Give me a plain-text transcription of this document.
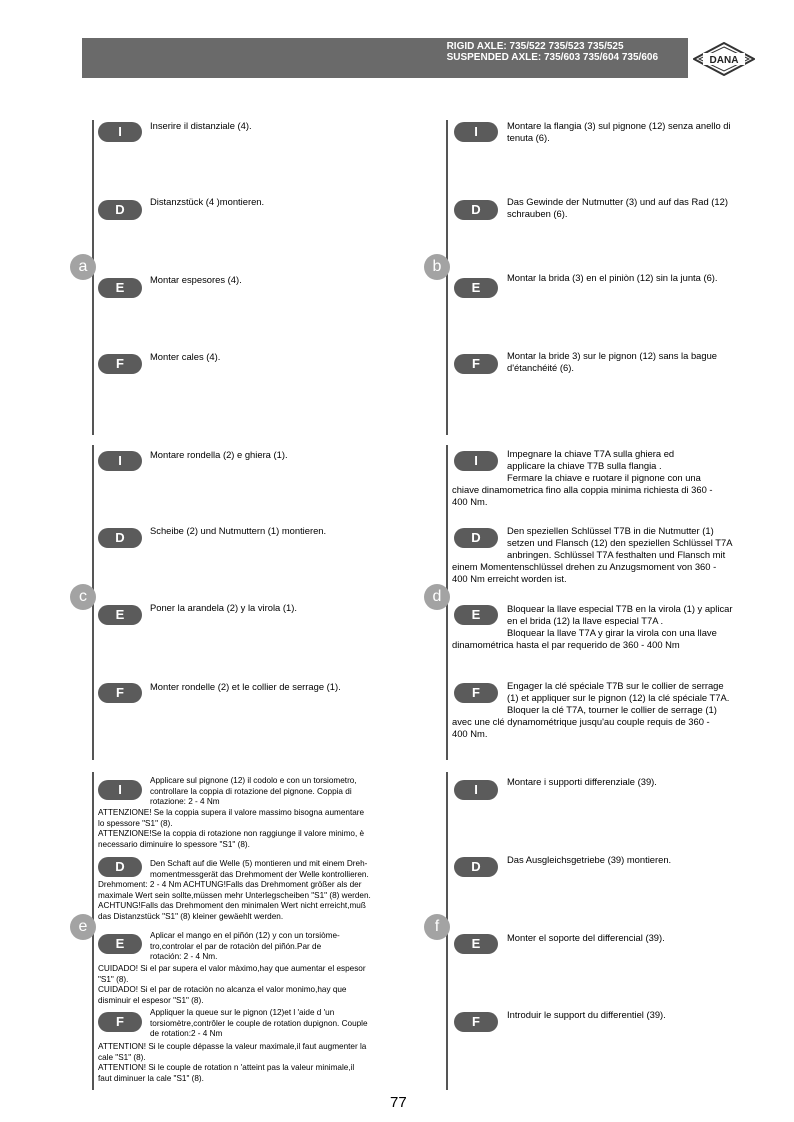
RIGID AXLE: 735/522 735/523 735/525
SUSPENDED AXLE: 735/603 735/604 735/606	DANA
a	b
c	d
e	f
I	Inserire il distanziale (4).
D
Distanzstück (4 )montieren.
E
Montar espesores (4).
F	Monter cales (4).
I	Montare la flangia (3) sul pignone (12) senza anello di
tenuta (6).
D
Das Gewinde der Nutmutter (3) und auf das Rad (12)
schrauben (6).
E
Montar la brida (3) en el piniòn (12) sin la junta (6).
F
Montar la bride 3) sur le pignon (12) sans la bague
d'étanchéité (6).
I	Montare rondella (2) e ghiera (1).
D	Scheibe (2) und Nutmuttern (1) montieren.
E	Poner la arandela (2) y la virola (1).
F	Monter rondelle (2) et le collier de serrage (1).
I	Impegnare la chiave T7A sulla ghiera ed
applicare la chiave T7B sulla flangia .
Fermare la chiave e ruotare il pignone con una
chiave dinamometrica fino alla coppia minima richiesta di 360 -
400 Nm.
D	Den speziellen Schlüssel T7B in die Nutmutter (1)
setzen und Flansch (12) den speziellen Schlüssel T7A
anbringen. Schlüssel T7A festhalten und Flansch mit
einem Momentenschlüssel drehen zu Anzugsmoment von 360 -
400 Nm erreicht worden ist.
E	Bloquear la llave especial T7B en la virola (1) y aplicar
en el brida (12) la llave especial T7A .
Bloquear la llave T7A y girar la virola con una llave
dinamométrica hasta el par requerido de 360 - 400 Nm
F	Engager la clé spéciale T7B sur le collier de serrage
(1) et appliquer sur le pignon (12) la clé spéciale T7A.
Bloquer la clé T7A, tourner le collier de serrage (1)
avec une clé dynamométrique jusqu'au couple requis de 360 -
400 Nm.
I
Applicare sul pignone (12) il codolo e con un torsiometro,
controllare la coppia di rotazione del pignone. Coppia di
rotazione: 2 - 4 Nm
ATTENZIONE! Se la coppia supera il valore massimo bisogna aumentare
lo spessore "S1" (8).
ATTENZIONE!Se la coppia di rotazione non raggiunge il valore minimo, è
necessario diminuire lo spessore "S1" (8).
D	Den Schaft auf die Welle (5) montieren und mit einem Dreh-
momentmessgerät das Drehmoment der Welle kontrollieren.
Drehmoment: 2 - 4 Nm ACHTUNG!Falls das Drehmoment größer als der
maximale Wert sein sollte,müssen mehr Unterlegscheiben "S1" (8) werden.
ACHTUNG!Falls das Drehmoment den minimalen Wert nicht erreicht,muß
das Distanzstück "S1" (8) kleiner gewäehlt werden.
E
Aplicar el mango en el piñón (12) y con un torsiòme-
tro,controlar el par de rotaciòn del piñón.Par de
rotación: 2 - 4 Nm.
CUIDADO! Si el par supera el valor màximo,hay que aumentar el espesor
"S1" (8).
CUIDADO! Si el par de rotaciòn no alcanza el valor monimo,hay que
disminuir el espesor "S1" (8).
F
Appliquer la queue sur le pignon (12)et l 'aide d 'un
torsiomètre,contrôler le couple de rotation dupignon. Couple
de rotation:2 - 4 Nm
ATTENTION! Si le couple dépasse la valeur maximale,il faut augmenter la
cale "S1" (8).
ATTENTION! Si le couple de rotation n 'atteint pas la valeur minimale,il
faut diminuer la cale "S1" (8).
I
Montare i supporti differenziale (39).
D	Das Ausgleichsgetriebe (39) montieren.
E	Monter el soporte del differencial (39).
F	Introduir le support du differentiel (39).
77
